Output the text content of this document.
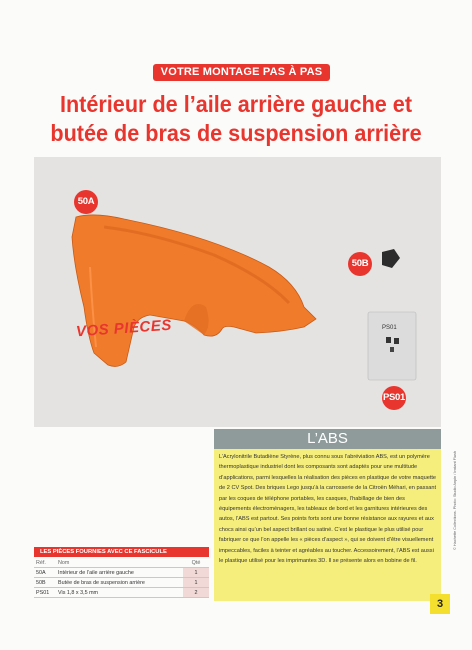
VOTRE MONTAGE PAS À PAS
Intérieur de l’aile arrière gauche et
butée de bras de suspension arrière
PS01
VOS PIÈCES
50A
50B
PS01
© Hachette Collections. Photo: Studio Anpin / Instant Flash
L’ABS

L’Acrylonitrile Butadiène Styrène, plus connu sous l’abréviation ABS, est un polymère thermoplastique industriel dont les composants sont adaptés pour une multitude d’applications, parmi lesquelles la réalisation des pièces en plastique de votre maquette de 2 CV Spot. Des briques Lego jusqu’à la carrosserie de la Citroën Méhari, en passant par les coques de téléphone portables, les casques, l’habillage de bien des équipements électroménagers, les tableaux de bord et les garnitures intérieures des autos, l’ABS est partout. Ses points forts sont une bonne résistance aux rayures et aux chocs ainsi qu’un bel aspect brillant ou satiné. C’est le plastique le plus utilisé pour fabriquer ce que l’on appelle les « pièces d’aspect », qui se doivent d’être visuellement impeccables, faciles à teinter et agréables au toucher. Accessoirement, l’ABS est aussi le plastique utilisé pour les imprimantes 3D. Il se présente alors en bobine de fil.

LES PIÈCES FOURNIES AVEC CE FASCICULE
Réf.	Nom	Qté
50A	Intérieur de l’aile arrière gauche	1
50B	Butée de bras de suspension arrière	1
PS01	Vis 1,8 x 3,5 mm	2
3
